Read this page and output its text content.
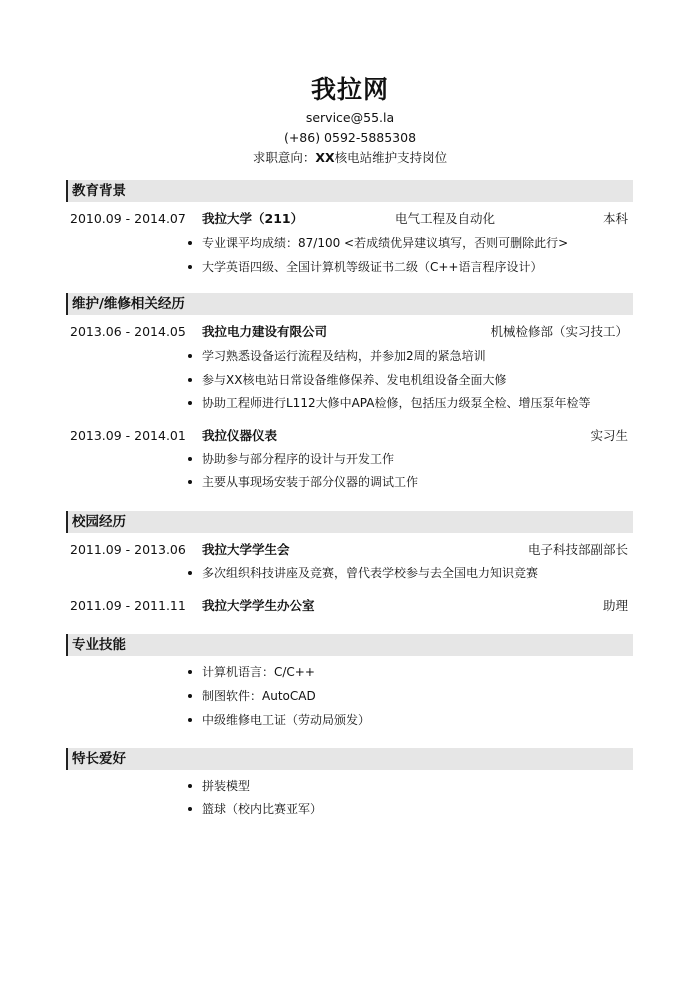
我拉网
service@55.la
(+86) 0592-5885308
求职意向：XX核电站维护支持岗位
教育背景
2010.09 - 2014.07 我拉大学（211）	电气工程及自动化	本科
专业课平均成绩：87/100 <若成绩优异建议填写，否则可删除此行>
大学英语四级、全国计算机等级证书二级（C++语言程序设计）
维护/维修相关经历
2013.06 - 2014.05 我拉电力建设有限公司	机械检修部（实习技工）
学习熟悉设备运行流程及结构，并参加2周的紧急培训
参与XX核电站日常设备维修保养、发电机组设备全面大修
协助工程师进行L112大修中APA检修，包括压力级泵全检、增压泵年检等
2013.09 - 2014.01 我拉仪器仪表	实习生
协助参与部分程序的设计与开发工作
主要从事现场安装于部分仪器的调试工作
校园经历
2011.09 - 2013.06 我拉大学学生会	电子科技部副部长
多次组织科技讲座及竞赛，曾代表学校参与去全国电力知识竞赛
2011.09 - 2011.11 我拉大学学生办公室	助理
专业技能
计算机语言：C/C++
制图软件：AutoCAD
中级维修电工证（劳动局颁发）
特长爱好
拼装模型
篮球（校内比赛亚军）
